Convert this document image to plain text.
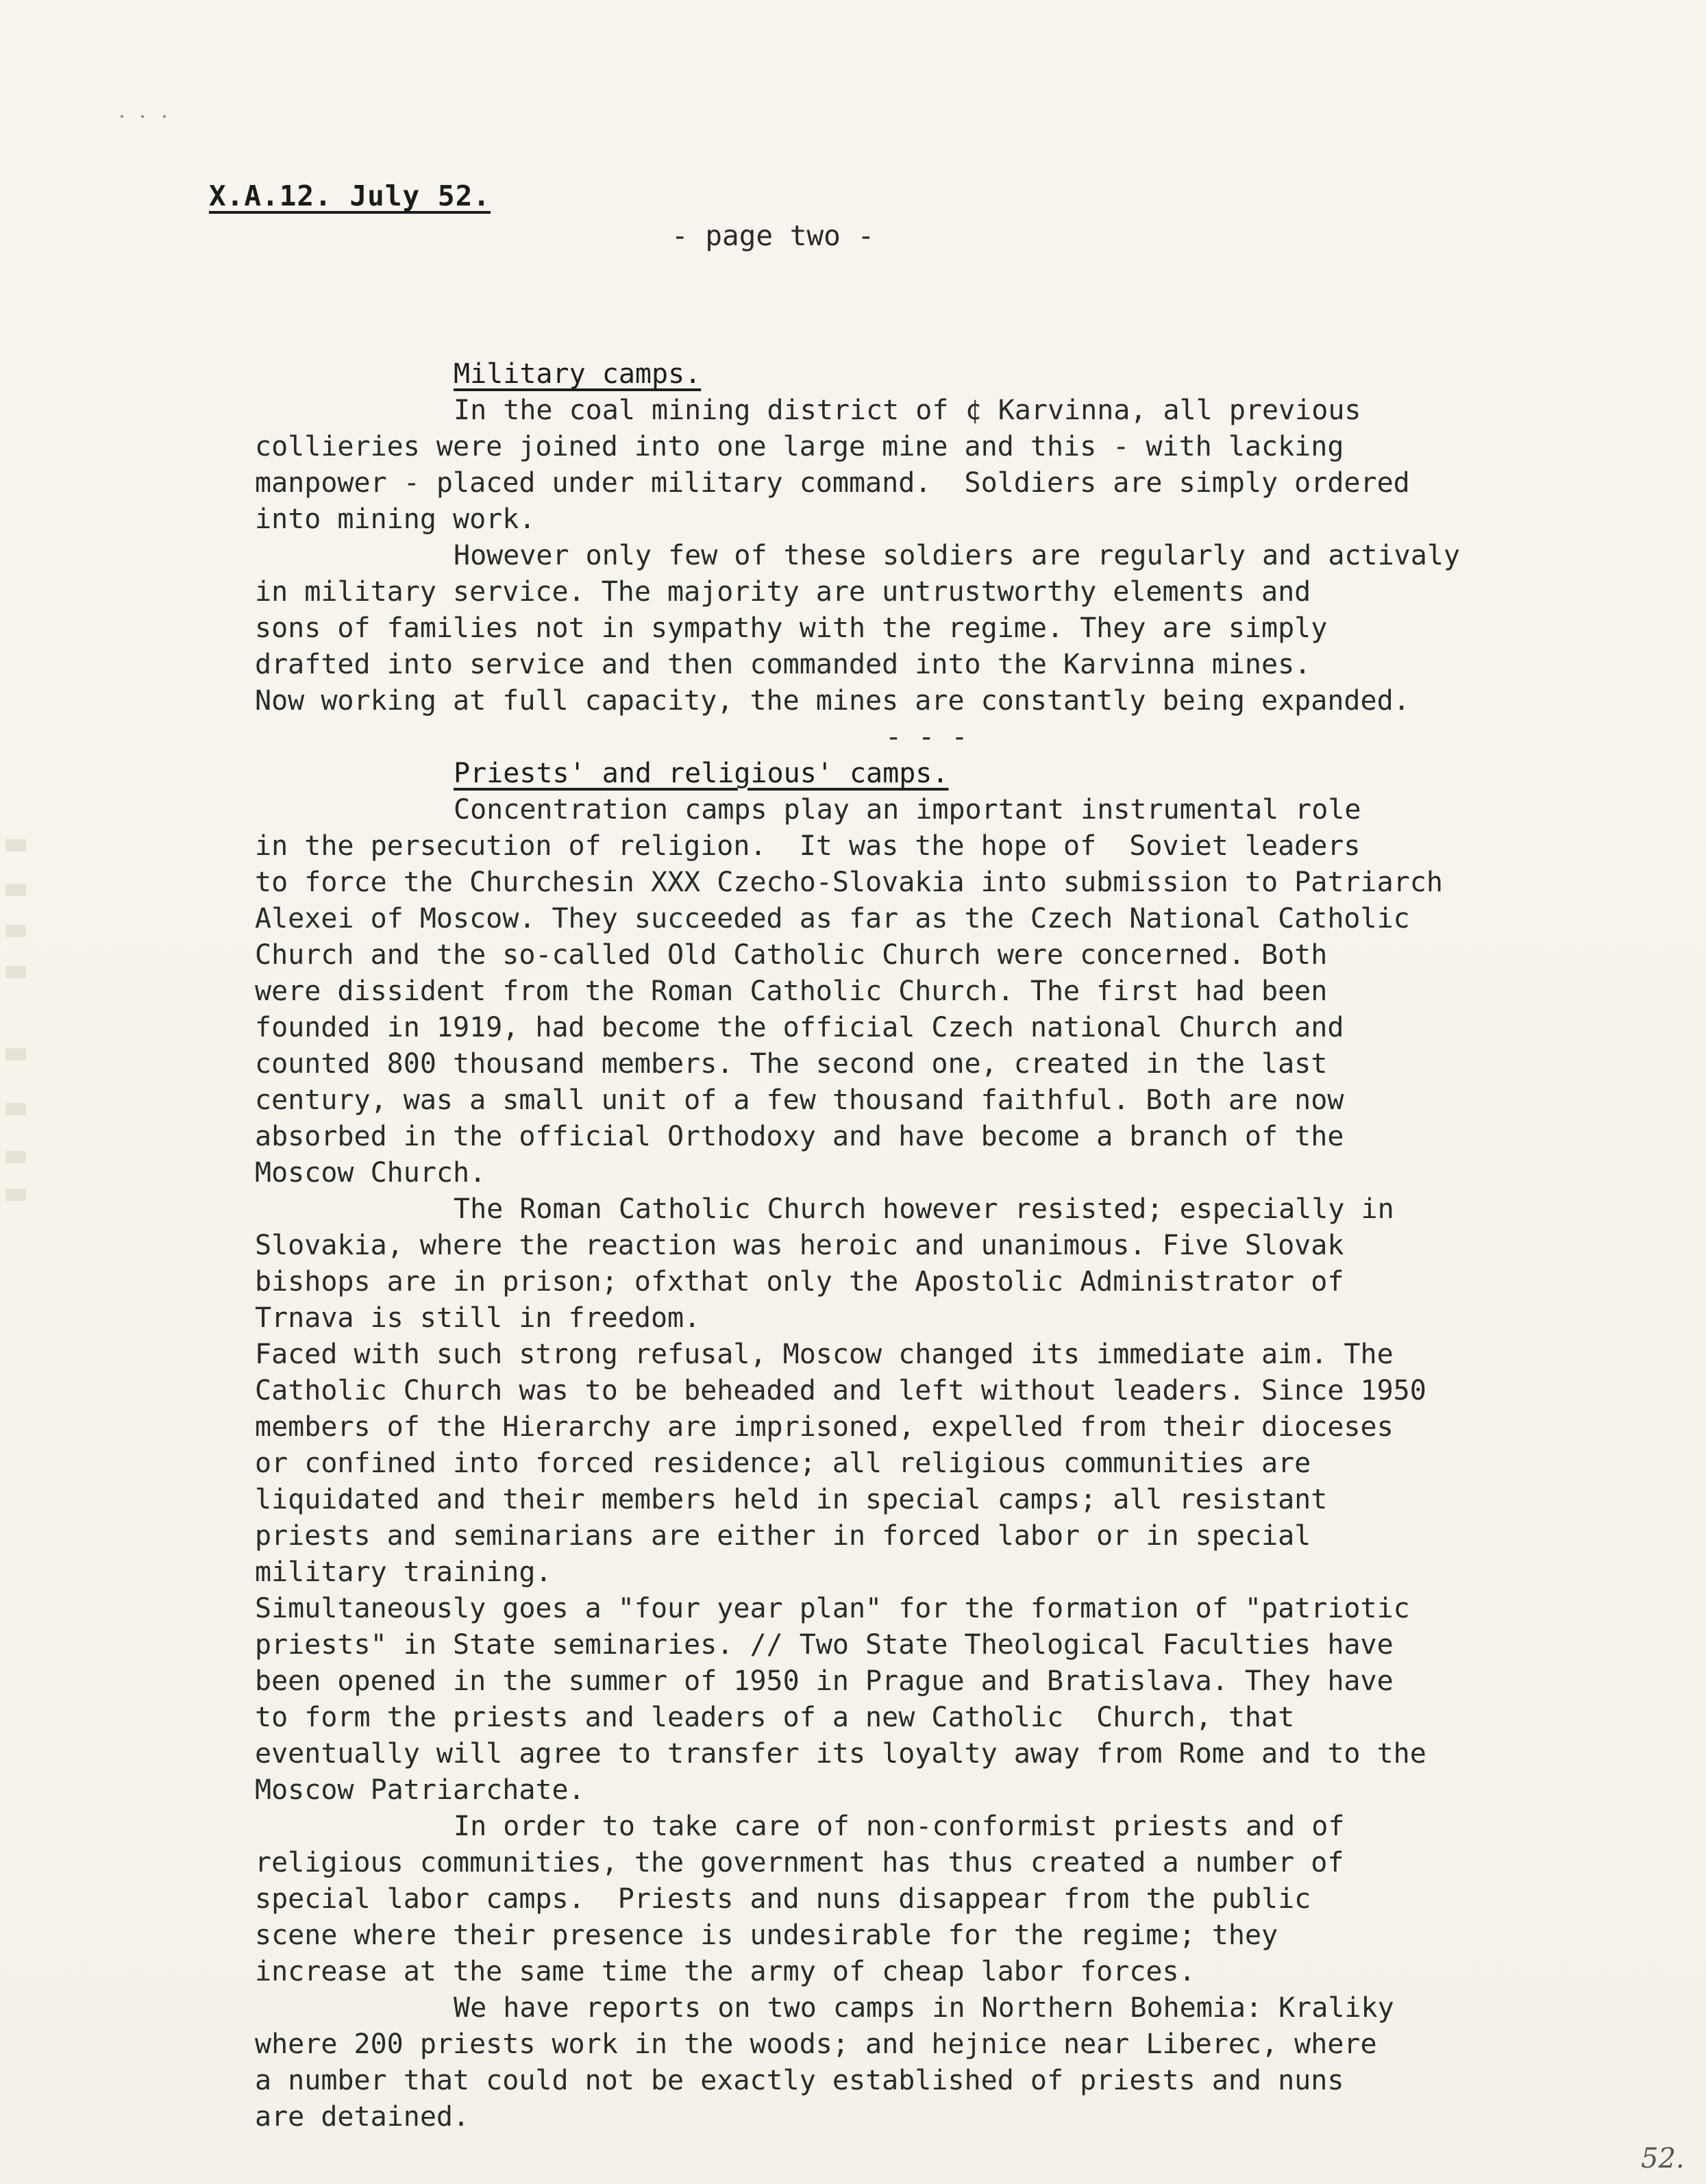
X.A.12. July 52.
- page two -
Military camps.
In the coal mining district of ¢ Karvinna, all previous
collieries were joined into one large mine and this - with lacking
manpower - placed under military command.  Soldiers are simply ordered
into mining work.
However only few of these soldiers are regularly and activaly
in military service. The majority are untrustworthy elements and
sons of families not in sympathy with the regime. They are simply
drafted into service and then commanded into the Karvinna mines.
Now working at full capacity, the mines are constantly being expanded.
- - -
Priests' and religious' camps.
Concentration camps play an important instrumental role
in the persecution of religion.  It was the hope of  Soviet leaders
to force the Churchesin XXX Czecho-Slovakia into submission to Patriarch
Alexei of Moscow. They succeeded as far as the Czech National Catholic
Church and the so-called Old Catholic Church were concerned. Both
were dissident from the Roman Catholic Church. The first had been
founded in 1919, had become the official Czech national Church and
counted 800 thousand members. The second one, created in the last
century, was a small unit of a few thousand faithful. Both are now
absorbed in the official Orthodoxy and have become a branch of the
Moscow Church.
The Roman Catholic Church however resisted; especially in
Slovakia, where the reaction was heroic and unanimous. Five Slovak
bishops are in prison; ofxthat only the Apostolic Administrator of
Trnava is still in freedom.
Faced with such strong refusal, Moscow changed its immediate aim. The
Catholic Church was to be beheaded and left without leaders. Since 1950
members of the Hierarchy are imprisoned, expelled from their dioceses
or confined into forced residence; all religious communities are
liquidated and their members held in special camps; all resistant
priests and seminarians are either in forced labor or in special
military training.
Simultaneously goes a "four year plan" for the formation of "patriotic
priests" in State seminaries. // Two State Theological Faculties have
been opened in the summer of 1950 in Prague and Bratislava. They have
to form the priests and leaders of a new Catholic  Church, that
eventually will agree to transfer its loyalty away from Rome and to the
Moscow Patriarchate.
In order to take care of non-conformist priests and of
religious communities, the government has thus created a number of
special labor camps.  Priests and nuns disappear from the public
scene where their presence is undesirable for the regime; they
increase at the same time the army of cheap labor forces.
We have reports on two camps in Northern Bohemia: Kraliky
where 200 priests work in the woods; and hejnice near Liberec, where
a number that could not be exactly established of priests and nuns
are detained.
52.
